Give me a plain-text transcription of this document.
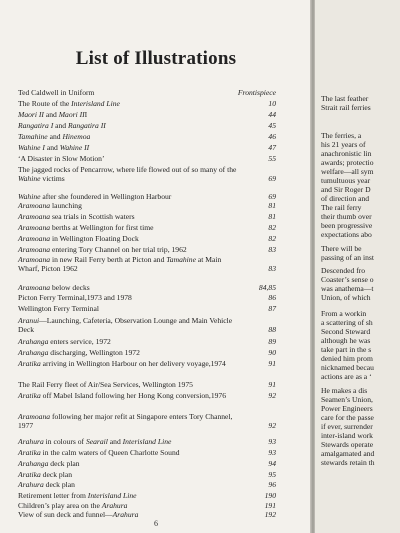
List of Illustrations
Ted Caldwell in Uniform	Frontispiece
The Route of the Interisland Line	10
Maori II and Maori III	44
Rangatira I and Rangatira II	45
Tamahine and Hinemoa	46
Wahine I and Wahine II	47
‘A Disaster in Slow Motion’	55
The jagged rocks of Pencarrow, where life flowed out of so many of the Wahine victims	69
Wahine after she foundered in Wellington Harbour	69
Aramoana launching	81
Aramoana sea trials in Scottish waters	81
Aramoana berths at Wellington for first time	82
Aramoana in Wellington Floating Dock	82
Aramoana entering Tory Channel on her trial trip, 1962	83
Aramoana in new Rail Ferry berth at Picton and Tamahine at Main Wharf, Picton 1962	83
Aramoana below decks	84,85
Picton Ferry Terminal,1973 and 1978	86
Wellington Ferry Terminal	87
Aranui—Launching, Cafeteria, Observation Lounge and Main Vehicle Deck	88
Arahanga enters service, 1972	89
Arahanga discharging, Wellington 1972	90
Aratika arriving in Wellington Harbour on her delivery voyage,1974	91
The Rail Ferry fleet of Air/Sea Services, Wellington 1975	91
Aratika off Mabel Island following her Hong Kong conversion,1976	92
Aramoana following her major refit at Singapore enters Tory Channel, 1977	92
Arahura in colours of Searail and Interisland Line	93
Aratika in the calm waters of Queen Charlotte Sound	93
Arahanga deck plan	94
Aratika deck plan	95
Arahura deck plan	96
Retirement letter from Interisland Line	190
Children’s play area on the Arahura	191
View of sun deck and funnel—Arahura	192
6
The last feather
Strait rail ferries
The ferries, a
his 21 years of
anachronistic lin
awards; protectio
welfare—all sym
tumultuous year
and Sir Roger D
of direction and
The rail ferry
their thumb over
been progressive
expectations abo
There will be
passing of an inst
Descended fro
Coaster’s sense o
was anathema—t
Union, of which
From a workin
a scattering of sh
Second Steward
although he was
take part in the s
denied him prom
nicknamed becau
actions are as a ‘
He makes a dis
Seamen’s Union,
Power Engineers
care for the passe
if ever, surrender
inter-island work
Stewards operate
amalgamated and
stewards retain th
